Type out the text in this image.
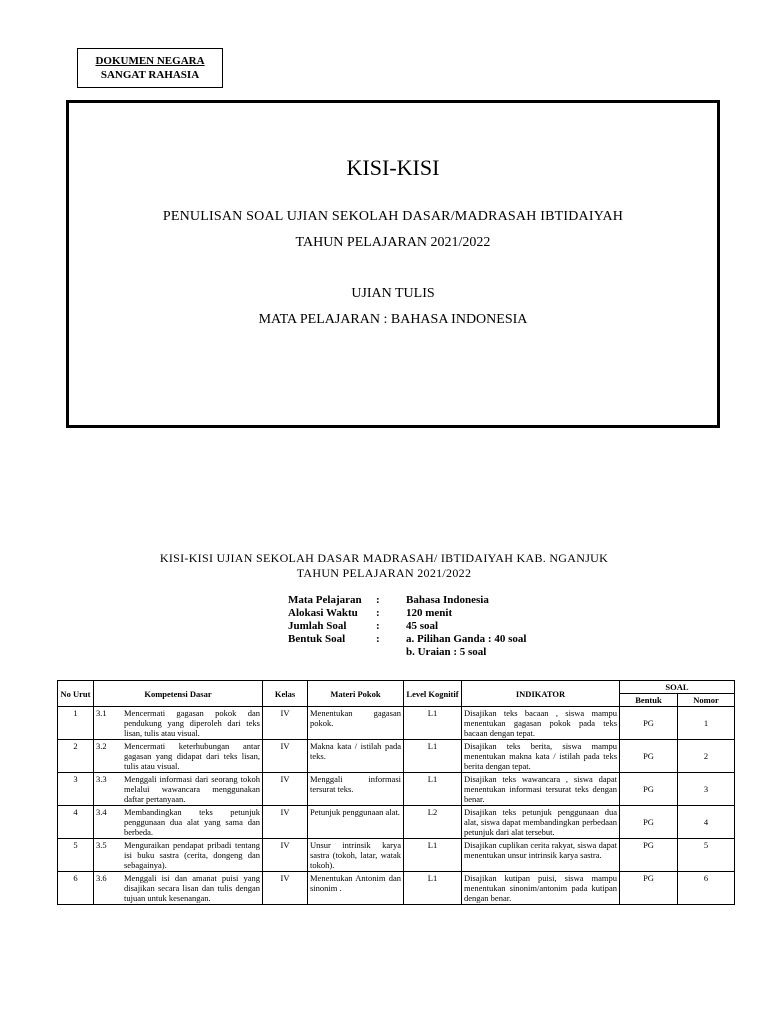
DOKUMEN NEGARA
SANGAT RAHASIA
KISI-KISI
PENULISAN SOAL UJIAN SEKOLAH DASAR/MADRASAH IBTIDAIYAH
TAHUN PELAJARAN 2021/2022
UJIAN TULIS
MATA PELAJARAN : BAHASA INDONESIA
KISI-KISI UJIAN SEKOLAH DASAR MADRASAH/ IBTIDAIYAH KAB. NGANJUK
TAHUN PELAJARAN 2021/2022
Mata Pelajaran	: Bahasa Indonesia
Alokasi Waktu	: 120 menit
Jumlah Soal	: 45 soal
Bentuk Soal	: a. Pilihan Ganda : 40 soal
b. Uraian : 5 soal
No Urut	Kompetensi Dasar	Kelas	Materi Pokok	Level Kognitif	INDIKATOR	SOAL	
						Bentuk	Nomor
1	3.1 Mencermati gagasan pokok dan pendukung yang diperoleh dari teks lisan, tulis atau visual.	IV	Menentukan gagasan pokok.	L1	Disajikan teks bacaan , siswa mampu menentukan gagasan pokok pada teks bacaan dengan tepat.	PG	1
2	3.2 Mencermati keterhubungan antar gagasan yang didapat dari teks lisan, tulis atau visual.	IV	Makna kata / istilah pada teks.	L1	Disajikan teks berita, siswa mampu menentukan makna kata / istilah pada teks berita dengan tepat.	PG	2
3	3.3 Menggali informasi dari seorang tokoh melalui wawancara menggunakan daftar pertanyaan.	IV	Menggali informasi tersurat teks.	L1	Disajikan teks wawancara , siswa dapat menentukan informasi tersurat teks dengan benar.	PG	3
4	3.4 Membandingkan teks petunjuk penggunaan dua alat yang sama dan berbeda.	IV	Petunjuk penggunaan alat.	L2	Disajikan teks petunjuk penggunaan dua alat, siswa dapat membandingkan perbedaan petunjuk dari alat tersebut.	PG	4
5	3.5 Menguraikan pendapat pribadi tentang isi buku sastra (cerita, dongeng dan sebagainya).	IV	Unsur intrinsik karya sastra (tokoh, latar, watak tokoh).	L1	Disajikan cuplikan cerita rakyat, siswa dapat menentukan unsur intrinsik karya sastra.	PG	5
6	3.6 Menggali isi dan amanat puisi yang disajikan secara lisan dan tulis dengan tujuan untuk kesenangan.	IV	Menentukan Antonim dan sinonim .	L1	Disajikan kutipan puisi, siswa mampu menentukan sinonim/antonim pada kutipan dengan benar.	PG	6
